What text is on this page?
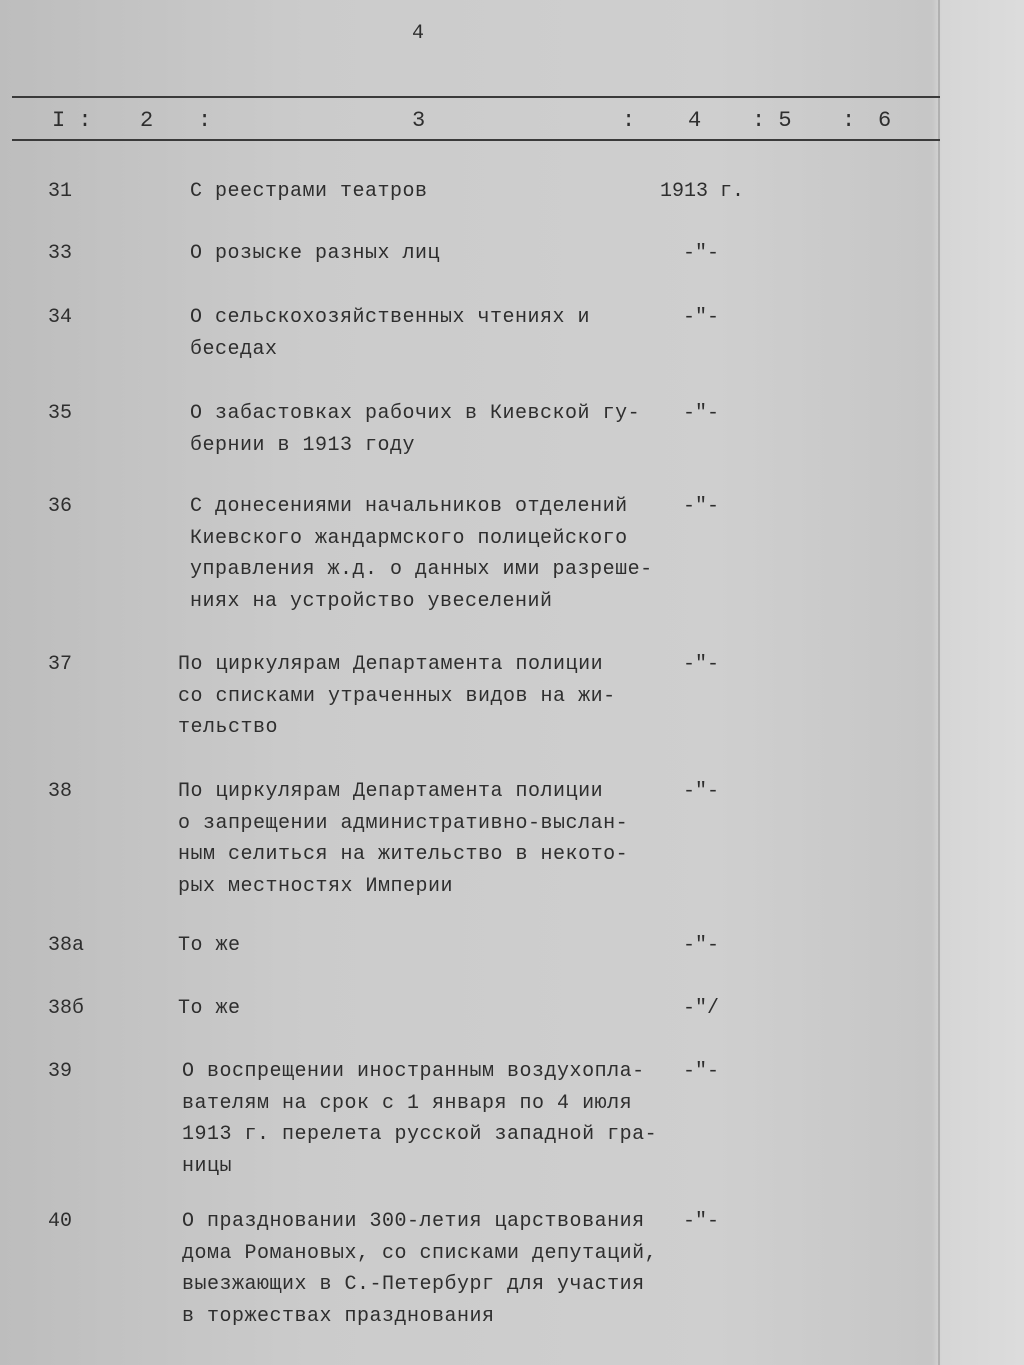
4
I : 2 :	3	: 4 : 5 : 6
31	С реестрами театров	1913 г.
33	О розыске разных лиц	-"-
34	О сельскохозяйственных чтениях и
беседах
-"-
35	О забастовках рабочих в Киевской гу-
бернии в 1913 году
-"-
36	С донесениями начальников отделений
Киевского жандармского полицейского
управления ж.д. о данных ими разреше-
ниях на устройство увеселений
-"-
37	По циркулярам Департамента полиции
со списками утраченных видов на жи-
тельство
-"-
38	По циркулярам Департамента полиции
о запрещении административно-выслан-
ным селиться на жительство в некото-
рых местностях Империи
-"-
38а	То же	-"-
38б	То же	-"/
39	О воспрещении иностранным воздухопла-
вателям на срок с 1 января по 4 июля
1913 г. перелета русской западной гра-
ницы
-"-
40	О праздновании 300-летия царствования
дома Романовых, со списками депутаций,
выезжающих в С.-Петербург для участия
в торжествах празднования
-"-
